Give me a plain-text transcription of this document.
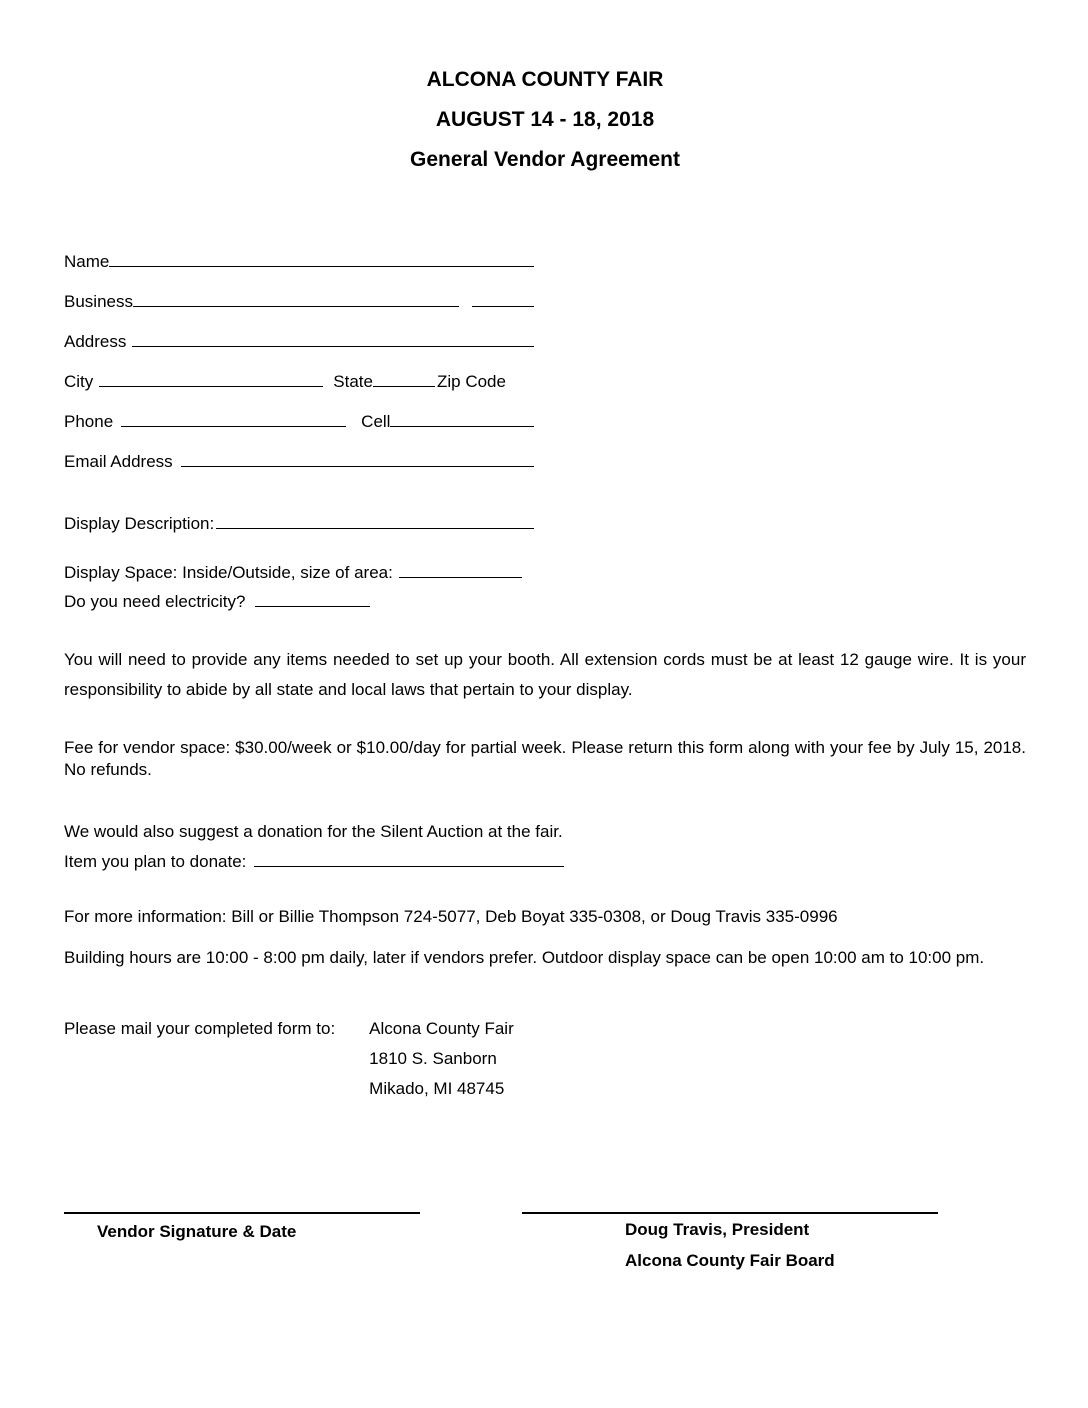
ALCONA COUNTY FAIR
AUGUST 14 - 18, 2018
General Vendor Agreement
Name
Business
Address
City	State	Zip Code
Phone	Cell
Email Address
Display Description:
Display Space: Inside/Outside, size of area:
Do you need electricity?

You will need to provide any items needed to set up your booth. All extension cords must be at least 12 gauge wire. It is your responsibility to abide by all state and local laws that pertain to your display.

Fee for vendor space: $30.00/week or $10.00/day for partial week. Please return this form along with your fee by July 15, 2018. No refunds.

We would also suggest a donation for the Silent Auction at the fair.
Item you plan to donate:

For more information: Bill or Billie Thompson 724-5077, Deb Boyat 335-0308, or Doug Travis 335-0996

Building hours are 10:00 - 8:00 pm daily, later if vendors prefer. Outdoor display space can be open 10:00 am to 10:00 pm.

Please mail your completed form to: Alcona County Fair
1810 S. Sanborn
Mikado, MI 48745
Vendor Signature & Date	Doug Travis, President
Alcona County Fair Board
